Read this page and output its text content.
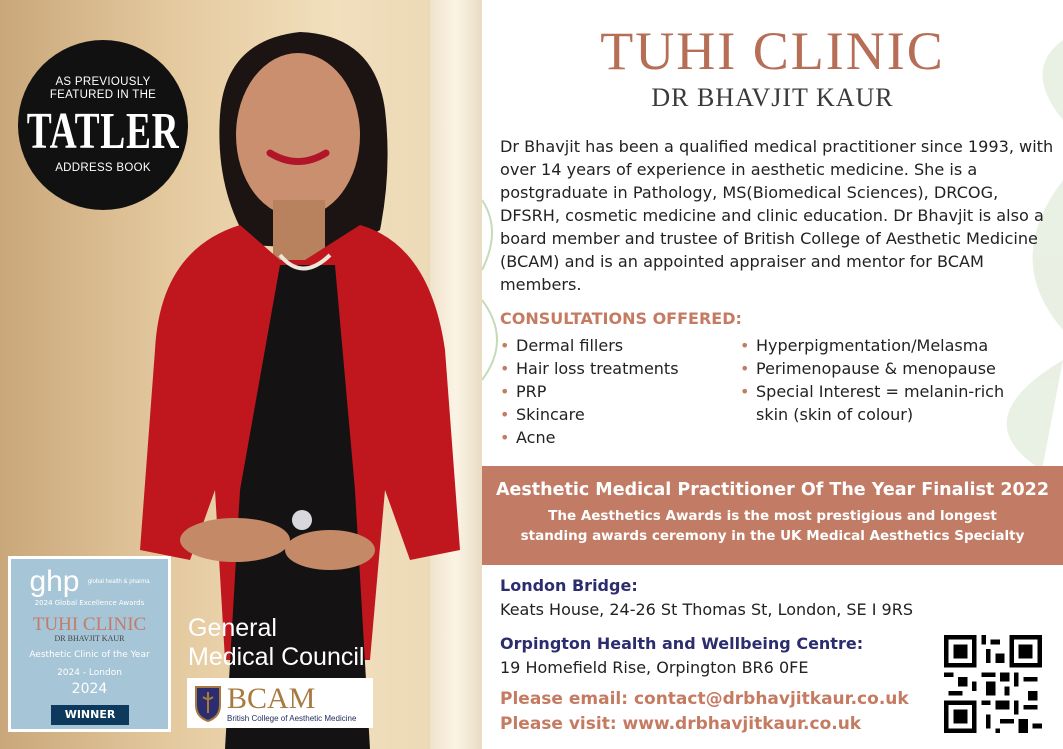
AS PREVIOUSLY
FEATURED IN THE
TATLER
ADDRESS BOOK
ghp $^{global health \& pharma}$
2024 Global Excellence Awards
TUHI CLINIC
DR BHAVJIT KAUR
Aesthetic Clinic of the Year
2024 - London
2024
WINNER
General
Medical Council
BCAM
British College of Aesthetic Medicine
TUHI CLINIC
DR BHAVJIT KAUR

Dr Bhavjit has been a qualified medical practitioner since 1993, with over 14 years of experience in aesthetic medicine. She is a postgraduate in Pathology, MS(Biomedical Sciences), DRCOG, DFSRH, cosmetic medicine and clinic education. Dr Bhavjit is also a board member and trustee of British College of Aesthetic Medicine (BCAM) and is an appointed appraiser and mentor for BCAM members.

CONSULTATIONS OFFERED:
• Dermal fillers
• Hair loss treatments
• PRP
• Skincare
• Acne
• Hyperpigmentation/Melasma
• Perimenopause & menopause
• Special Interest = melanin-rich skin (skin of colour)
Aesthetic Medical Practitioner Of The Year Finalist 2022
The Aesthetics Awards is the most prestigious and longest
standing awards ceremony in the UK Medical Aesthetics Specialty
London Bridge:
Keats House, 24-26 St Thomas St, London, SE I 9RS
Orpington Health and Wellbeing Centre:
19 Homefield Rise, Orpington BR6 0FE
Please email: contact@drbhavjitkaur.co.uk
Please visit: www.drbhavjitkaur.co.uk
